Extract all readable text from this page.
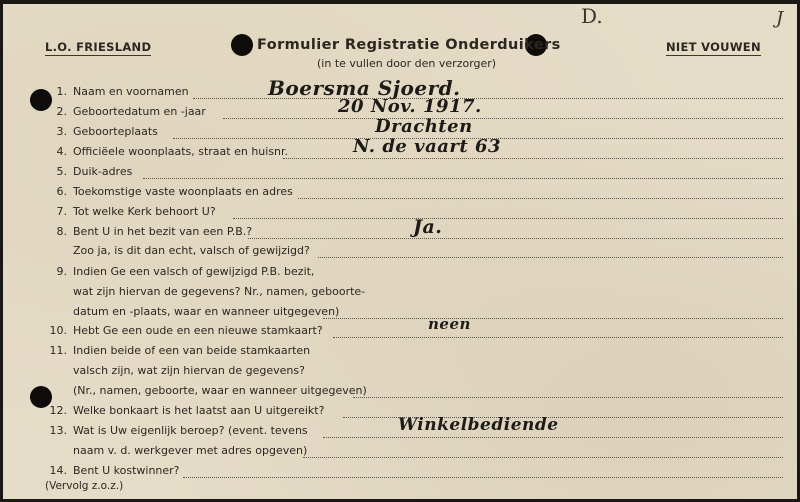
D.	J
L.O. FRIESLAND	Formulier Registratie Onderduikers
(in te vullen door den verzorger)
NIET VOUWEN
1. Naam en voornamen
2. Geboortedatum en -jaar
3. Geboorteplaats
4. Officiëele woonplaats, straat en huisnr.
5. Duik-adres
6. Toekomstige vaste woonplaats en adres
7. Tot welke Kerk behoort U?
8. Bent U in het bezit van een P.B.?
Zoo ja, is dit dan echt, valsch of gewijzigd?
9. Indien Ge een valsch of gewijzigd P.B. bezit,
wat zijn hiervan de gegevens? Nr., namen, geboorte-
datum en -plaats, waar en wanneer uitgegeven)
10. Hebt Ge een oude en een nieuwe stamkaart?
11. Indien beide of een van beide stamkaarten
valsch zijn, wat zijn hiervan de gegevens?
(Nr., namen, geboorte, waar en wanneer uitgegeven)
12. Welke bonkaart is het laatst aan U uitgereikt?
13. Wat is Uw eigenlijk beroep? (event. tevens
naam v. d. werkgever met adres opgeven)
14. Bent U kostwinner?
(Vervolg z.o.z.)
Boersma Sjoerd.
20 Nov. 1917.
Drachten
N. de vaart 63
Ja.
neen
Winkelbediende
